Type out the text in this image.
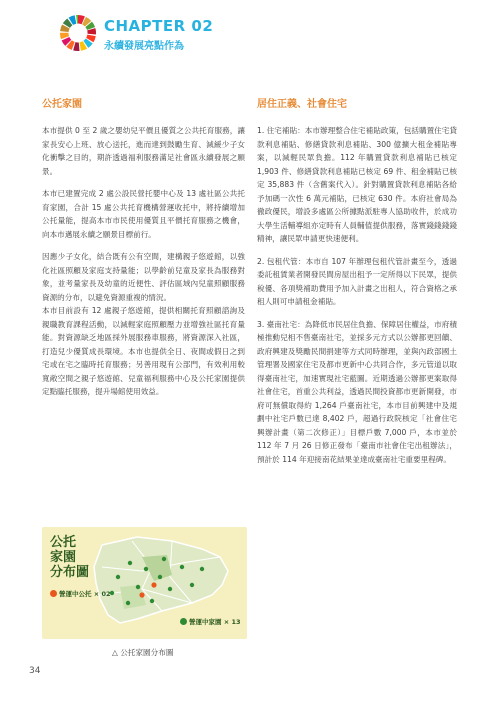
CHAPTER 02
永續發展亮點作為
公托家園

本市提供 0 至 2 歲之嬰幼兒平價且優質之公共托育服務，讓家長安心上班、放心送托，進而達到鼓勵生育、減緩少子女化衝擊之目的，期許透過福利服務滿足社會區永續發展之願景。

本市已建置完成 2 處公設民營托嬰中心及 13 處社區公共托育家園，合計 15 處公共托育機構營運收托中，將持續增加公托量能，提高本市市民使用優質且平價托育服務之機會，向本市邁展永續之願景目標前行。

因應少子女化，結合既有公有空間，建構親子悠遊館，以強化社區照顧及家庭支持量能；以學齡前兒童及家長為服務對象，並考量家長及幼童的近便性、評估區域內兒童照顧服務資源的分布，以避免資源重複的情況。

本市目前設有 12 處親子悠遊館，提供相關托育照顧諮詢及親職教育課程活動，以減輕家庭照顧壓力並增強社區托育量能。對資源缺乏地區採外展服務車服務，將資源深入社區，打造兒少優質成長環境。本市也提供全日、夜間或假日之到宅或在宅之臨時托育服務；另善用現有公部門，有效利用較寬敞空間之親子悠遊館、兒童福利服務中心及公托家園提供定點臨托服務，提升場館使用效益。

居住正義、社會住宅

1. 住宅補貼：本市辦理整合住宅補貼政策，包括購置住宅貸款利息補貼、修繕貸款利息補貼、300 億擴大租金補貼專案，以減輕民眾負擔。112 年購置貸款利息補貼已核定 1,903 件、修繕貸款利息補貼已核定 69 件、租金補貼已核定 35,883 件（含舊案代入）。針對購置貸款利息補貼各給予加碼一次性 6 萬元補貼，已核定 630 件。本府社會局為徹政優民，增設多處區公所據點派駐專人協助收件，於成功大學生活輔導組亦定時有人員輔值提供服務，落實錢錢錢錢精神，讓民眾申請更快速便利。

2. 包租代管：本市自 107 年辦理包租代管計畫至今，透過委託租賃業者開發民間房屋出租予一定所得以下民眾，提供稅優、各項獎補助費用予加入計畫之出租人，符合資格之承租人則可申請租金補貼。

3. 臺南社宅：為降低市民居住負擔、保障居住權益，市府積極推動兒相不售臺南社宅，並採多元方式以公辦都更回饋、政府興建及獎勵民間捐建等方式同時辦理，並與內政部國土管理署及國家住宅及都市更新中心共同合作，多元管道以取得臺南社宅，加速實現社宅藍圖。近期透過公辦都更案取得社會住宅，首重公共利益，透過民間投資都市更新開發，市府可無償取得約 1,264 戶臺南社宅，本市目前興建中及規劃中社宅戶數已達 8,402 戶，超過行政院核定「社會住宅興辦計畫（第二次修正）」目標戶數 7,000 戶，本市並於 112 年 7 月 26 日修正發布「臺南市社會住宅出租辦法」，預計於 114 年迎接南花結果並達成臺南社宅重要里程碑。

公托
家園
分布圖
營運中公托 × 02
營運中家園 × 13
△ 公托家園分布圖
34
